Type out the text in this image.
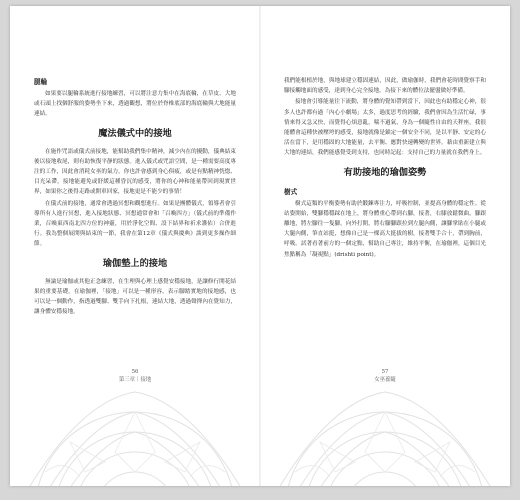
腿輪

如果要以腿輪系統進行接地練習，可以將注意力集中在海底輪，在草皮、大地或石頭上找個舒服的姿勢坐下來，透過觀想，將位於脊椎底部的海底輪與大地能量連結。

魔法儀式中的接地

在施作咒語或儀式前接地，能幫助我們集中精神，減少內在的擾動，儀典結束後以接地收尾，則有助恢復平靜的狀態。進入儀式或咒語空間，是一種需要高度專注的工作，因此會消耗女巫的氣力，你也許會感到身心俱疲，或是有點精神恍惚、目光呆滯，接地能避免或舒緩這種昏沉的感受，將你的心神和能量帶回到現實世界，如果你之後得走路或開車回家，接地更是不能少的事情！

在儀式前的接地，通常會透過冥想和觀想進行。如果是團體儀式，領導者會引導所有人進行冥想，進入接地狀態、冥想通常會和「召喚四方」（儀式前的準備作業，召喚東西南北四方位的神靈，用於淨化空間、設下結界和祈求護佑）合併進行。我為整個展開與結束的一節，我會在第12章《儀式與慶典》談到更多操作細節。

瑜伽墊上的接地

無論是瑜伽或其他正念練習，在生理與心理上感覺安穩接地，是讓修行開花結果的重要基礎。在瑜伽裡，「接地」可以是一種形容，表示腳踏實地的接地感，也可以是一個動作，指透過雙腳、雙手向下扎根，連結大地，透過聲擇內在覺知力，讓身體安穩接地。

56
第三章｜接地

我們能根植於地，與地球建立穩固連結，因此，做瑜伽時，我們會花時間覺察手和腳接觸地面的感受，達到身心完全接地，為接下來的體位法擺盪做好準備。

接地會引導能量往下流動，將身體的覺知帶到當下，因此也有助穩定心神，很多人也許都有過「內心小劇場」太多，過度思考的經驗，我們會因為生活忙碌，事情來得又急又快，而覺得心煩意亂，喘不過氣，身為一個隨性自由的天秤座，我很能體會這種快被壓垮的感受，接地就像是錨定一個安全不同，是以平靜、安定的心活在當下，是用穩固的大地能量，去平衡、應對快速轉變的世界。藉由重新建立與大地的連結，我們能感覺受到支持，也同時記起：支持自己的力量就在我們身上。

有助接地的瑜伽姿勢
樹式

樹式這類的平衡姿勢有助於鍛鍊專注力，呼吸控制，並提高身體的穩定性。從站姿開始，雙腳穩穩踩在地上，將身體重心帶到右腳，接著，右膝放鬆微曲，腳跟離地，將左腳往一隻腳，向外打開，將右腳腳跟拉到左腿內側，讓腳掌貼在小腿或大腿內側，筆直站挺，想像自己是一棵高大挺拔的樹，接著雙手合十，帶到胸前，呼吸。試著看著前方的一個定點，幫助自己專注，維持平衡，在瑜伽裡，這個目光焦點稱為「凝視點」(drishti point)。

57
女巫養隨
